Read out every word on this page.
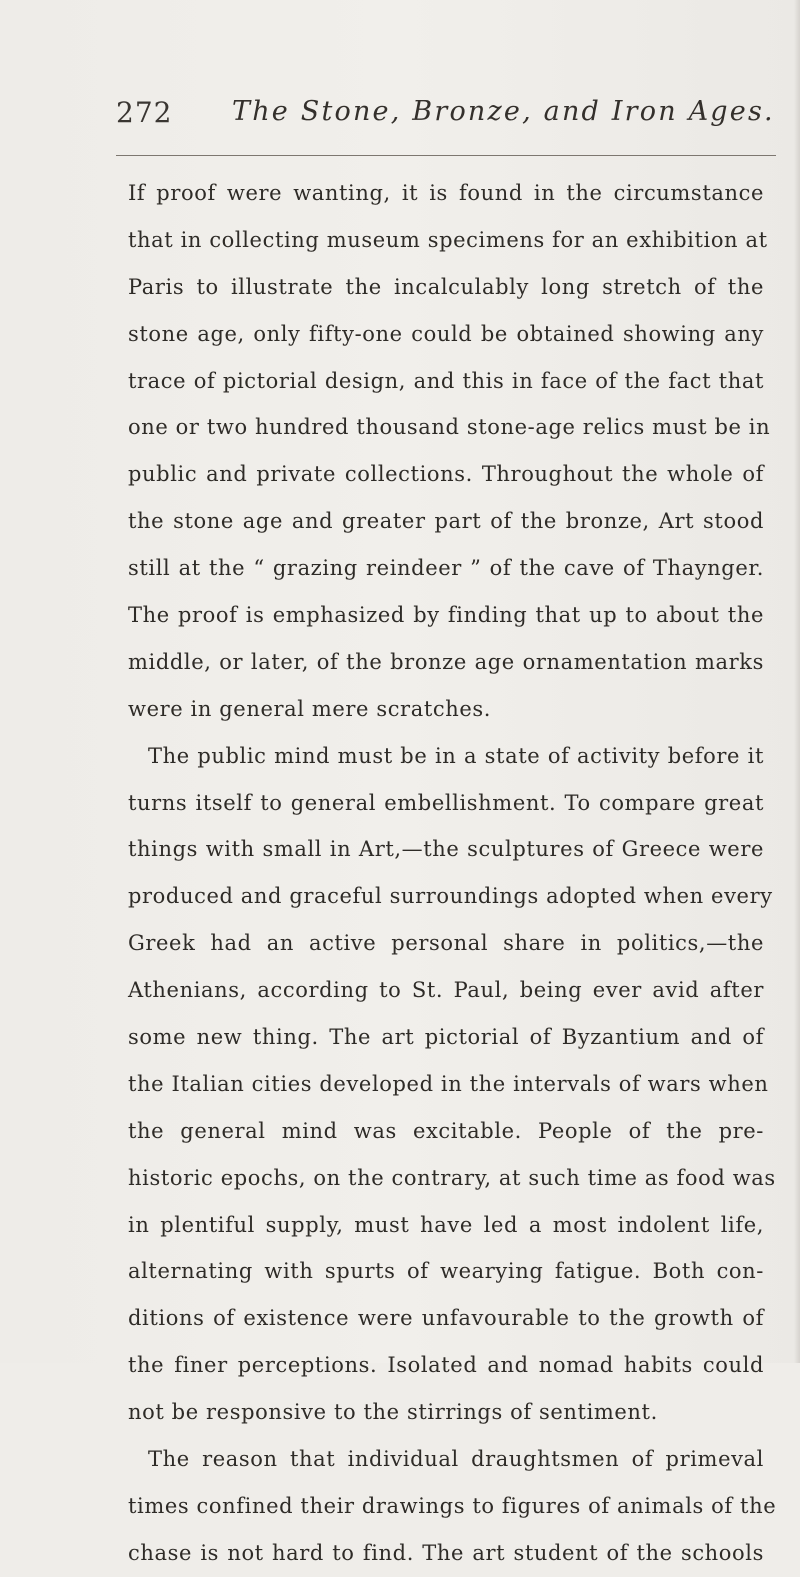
272 The Stone, Bronze, and Iron Ages.
If proof were wanting, it is found in the circumstance
that in collecting museum specimens for an exhibition at
Paris to illustrate the incalculably long stretch of the
stone age, only fifty-one could be obtained showing any
trace of pictorial design, and this in face of the fact that
one or two hundred thousand stone-age relics must be in
public and private collections. Throughout the whole of
the stone age and greater part of the bronze, Art stood
still at the “ grazing reindeer ” of the cave of Thaynger.
The proof is emphasized by finding that up to about the
middle, or later, of the bronze age ornamentation marks
were in general mere scratches.
The public mind must be in a state of activity before it
turns itself to general embellishment. To compare great
things with small in Art,—the sculptures of Greece were
produced and graceful surroundings adopted when every
Greek had an active personal share in politics,—the
Athenians, according to St. Paul, being ever avid after
some new thing. The art pictorial of Byzantium and of
the Italian cities developed in the intervals of wars when
the general mind was excitable. People of the pre-
historic epochs, on the contrary, at such time as food was
in plentiful supply, must have led a most indolent life,
alternating with spurts of wearying fatigue. Both con-
ditions of existence were unfavourable to the growth of
the finer perceptions. Isolated and nomad habits could
not be responsive to the stirrings of sentiment.
The reason that individual draughtsmen of primeval
times confined their drawings to figures of animals of the
chase is not hard to find. The art student of the schools
